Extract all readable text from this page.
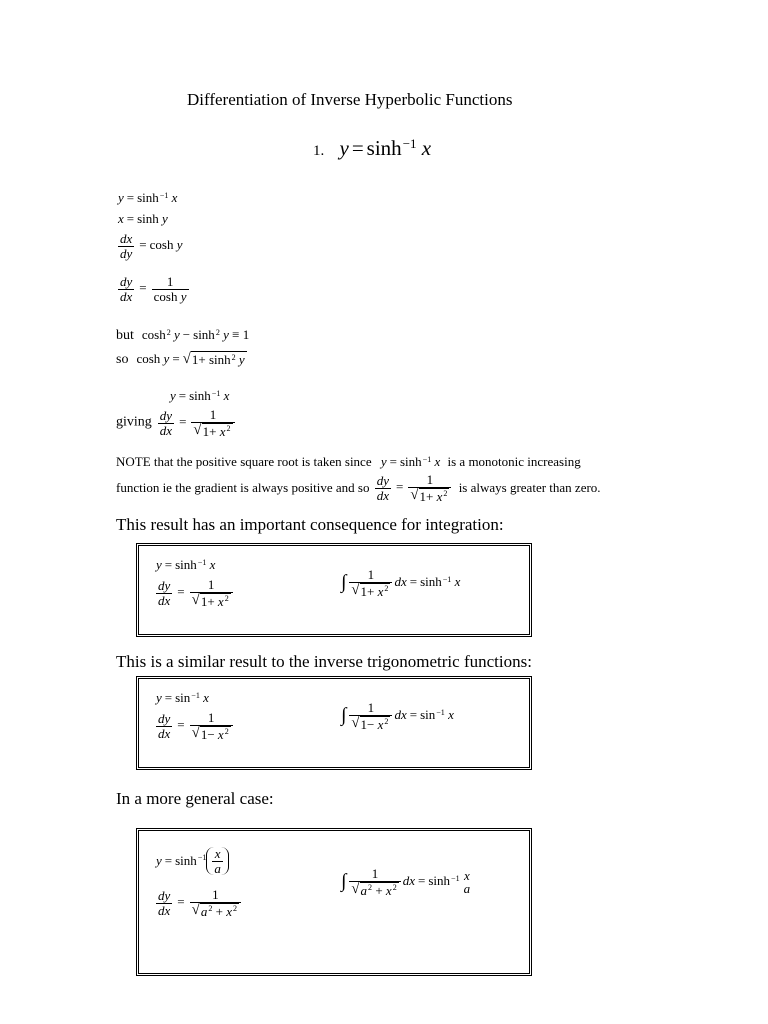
Differentiation of Inverse Hyperbolic Functions
1. $y = \sinh^{-1} x$
$y = \sinh^{-1} x$
x = sinh y
$\frac{dx}{dy} = \cosh y$
$\frac{dy}{dx} = \frac{1}{\text{cosh y}}$
but $\cosh^2 y - \sinh^2 y \equiv 1$
so cosh y = √ $1+ \sinh^2 y$
$y = \sinh^{-1} x$
giving $\frac{dy}{dx} = \frac{1}{√ 1+ x^2}$
NOTE that the positive square root is taken since $y = \sinh^{-1} x$ is a monotonic increasing
function ie the gradient is always positive and so $\frac{dy}{dx} = \frac{1}{√ 1+ x^2}$ is always greater than zero.
This result has an important consequence for integration:
$y = \sinh^{-1} x$
$\frac{dy}{dx} = \frac{1}{√ 1+ x^2}$	∫ $\frac{1}{√ 1+ x^2}$ dx = $\sinh^{-1} x$
This is a similar result to the inverse trigonometric functions:
$y = \sin^{-1} x$
$\frac{dy}{dx} = \frac{1}{√ 1- x^2}$	∫ $\frac{1}{√ 1- x^2}$ dx = $\sin^{-1} x$
In a more general case:
$y = \sinh^{-1} \frac{x}{a}$
$\frac{dy}{dx} = \frac{1}{√ a^2 + x^2}$
∫ $\frac{1}{√ a^2 + x^2}$ dx = $\sinh^{-1} x$
a
